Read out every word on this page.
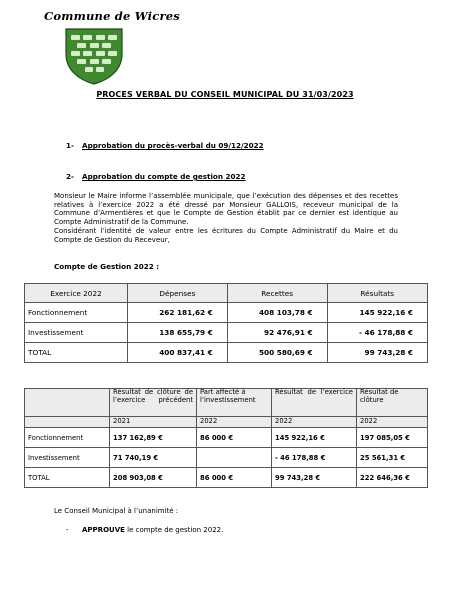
Commune de Wicres
PROCES VERBAL DU CONSEIL MUNICIPAL DU 31/03/2023
1- Approbation du procès-verbal du 09/12/2022
2- Approbation du compte de gestion 2022

Monsieur le Maire informe l’assemblée municipale, que l’exécution des dépenses et des recettes relatives à l’exercice 2022 a été dressé par Monsieur GALLOIS, receveur municipal de la Commune d’Armentières et que le Compte de Gestion établit par ce dernier est identique au Compte Administratif de la Commune.

Considérant l’identité de valeur entre les écritures du Compte Administratif du Maire et du Compte de Gestion du Receveur,

Compte de Gestion 2022 :
Exercice 2022	Dépenses	Recettes	Résultats
Fonctionnement	262 181,62 €	408 103,78 €	145 922,16 €
Investissement	138 655,79 €	92 476,91 €	- 46 178,88 €
TOTAL	400 837,41 €	500 580,69 €	99 743,28 €
	Résultat de clôture de l’exercice précédent	Part affecté à l’investissement	Résultat de l’exercice	Résultat de clôture
	2021	2022	2022	2022
Fonctionnement	137 162,89 €	86 000 €	145 922,16 €	197 085,05 €
Investissement	71 740,19 €		- 46 178,88 €	25 561,31 €
TOTAL	208 903,08 €	86 000 €	99 743,28 €	222 646,36 €
Le Conseil Municipal à l’unanimité :
- APPROUVE le compte de gestion 2022.
